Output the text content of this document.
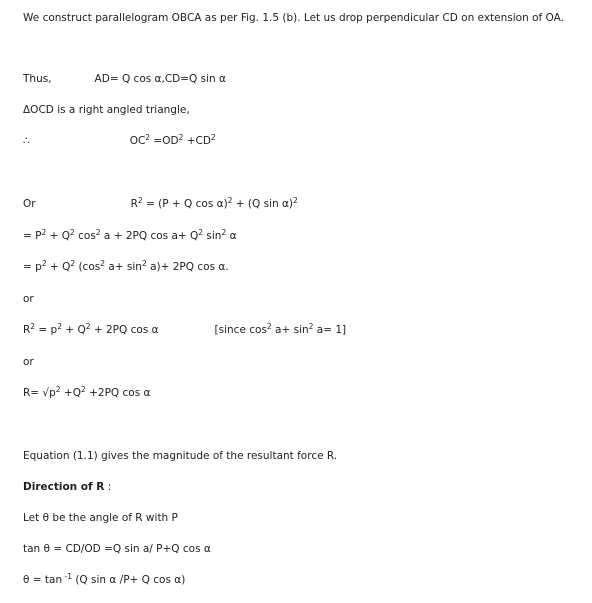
We construct parallelogram OBCA as per Fig. 1.5 (b). Let us drop perpendicular CD on extension of OA.
Thus,	AD= Q cos α,CD=Q sin α
ΔOCD is a right angled triangle,
∴	$OC^2 =OD^2 +CD^2$
Or	$R^2 = (P + Q$ cos α)$^2$ + (Q sin α)$^2$
= $P^2 + Q^2$ $\cos^2 a + 2PQ$ $\cos a+ Q^2$ $\sin^2 \alpha$
= $p^2 + Q^2$ ($\cos^2$ $a+ \sin^2 a)+ 2PQ$ cos α.
or
$R^2 = p^2 + Q^2 + 2PQ$ cos α	[since $\cos^2 a+ \sin^2 a= 1$]
or
$R= √p^2 +Q^2 +2PQ$ cos α
Equation (1.1) gives the magnitude of the resultant force R.
Direction of R :
Let θ be the angle of R with P
tan θ = CD/OD =Q sin a/ P+Q cos α
θ = tan $^{-1}$ (Q sin α /P+ Q cos α)
